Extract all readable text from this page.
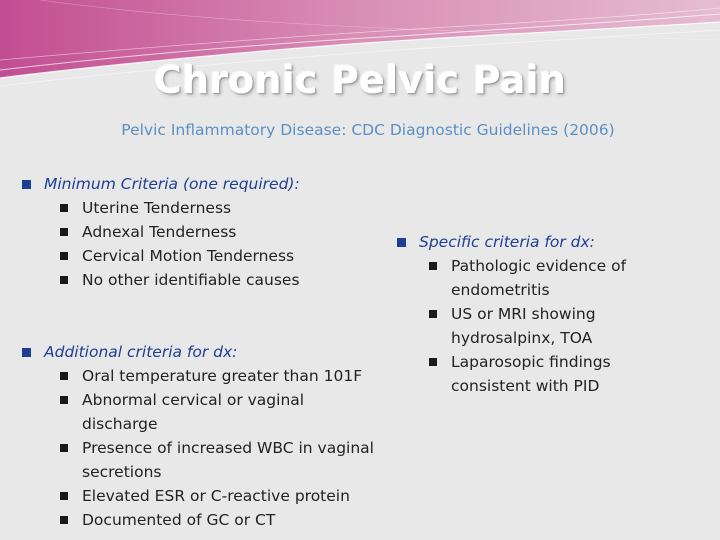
Chronic Pelvic Pain
Pelvic Inflammatory Disease: CDC Diagnostic Guidelines (2006)
Minimum Criteria (one required):
Uterine Tenderness
Adnexal Tenderness
Cervical Motion Tenderness
No other identifiable causes
Additional criteria for dx:
Oral temperature greater than 101F
Abnormal cervical or vaginal discharge
Presence of increased WBC in vaginal secretions
Elevated ESR or C-reactive protein
Documented of GC or CT
Specific criteria for dx:
Pathologic evidence of endometritis
US or MRI showing hydrosalpinx, TOA
Laparosopic findings consistent with PID
